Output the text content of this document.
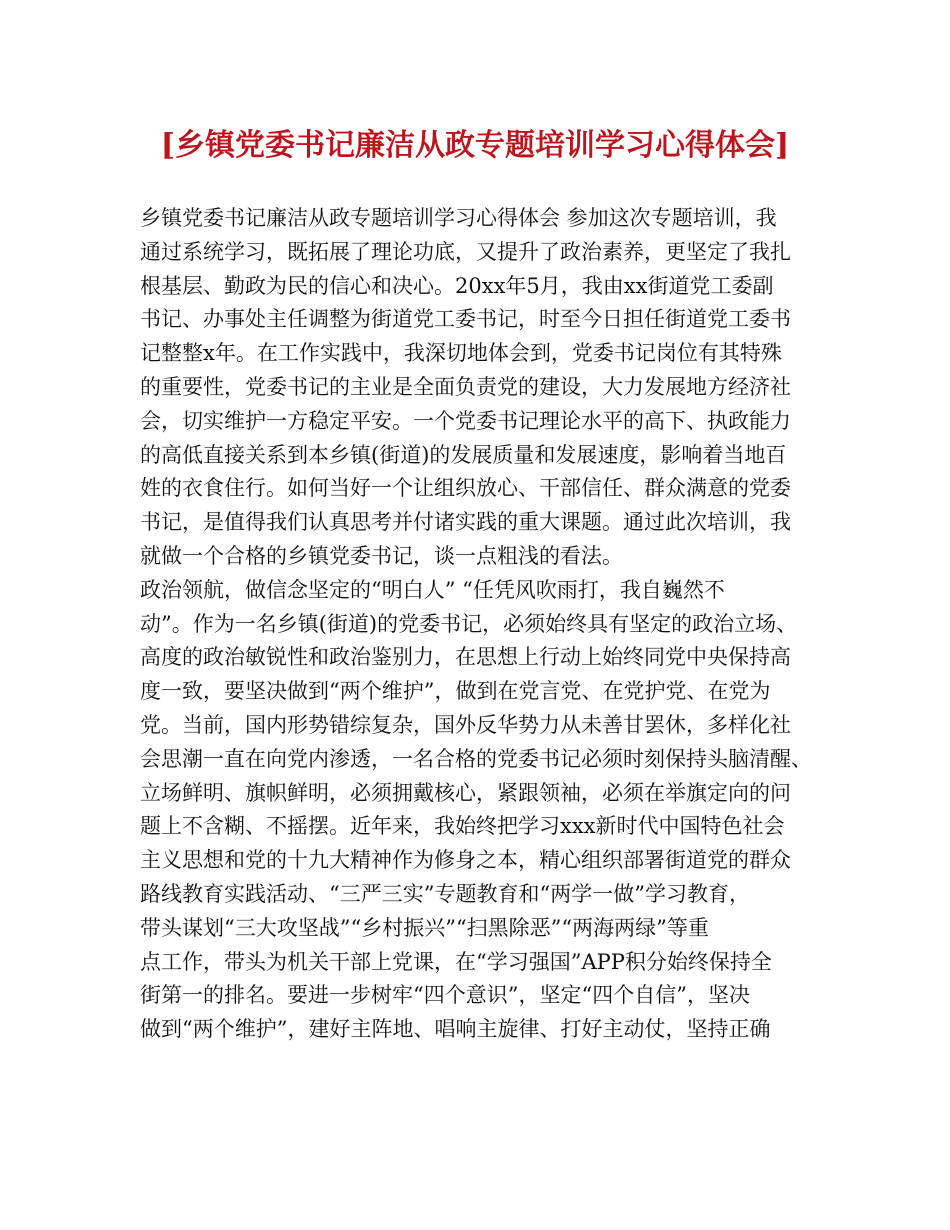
[乡镇党委书记廉洁从政专题培训学习心得体会]
乡镇党委书记廉洁从政专题培训学习心得体会 参加这次专题培训，我
通过系统学习，既拓展了理论功底，又提升了政治素养，更坚定了我扎
根基层、勤政为民的信心和决心。20xx年5月，我由xx街道党工委副
书记、办事处主任调整为街道党工委书记，时至今日担任街道党工委书
记整整x年。在工作实践中，我深切地体会到，党委书记岗位有其特殊
的重要性，党委书记的主业是全面负责党的建设，大力发展地方经济社
会，切实维护一方稳定平安。一个党委书记理论水平的高下、执政能力
的高低直接关系到本乡镇(街道)的发展质量和发展速度，影响着当地百
姓的衣食住行。如何当好一个让组织放心、干部信任、群众满意的党委
书记，是值得我们认真思考并付诸实践的重大课题。通过此次培训，我
就做一个合格的乡镇党委书记，谈一点粗浅的看法。
政治领航，做信念坚定的“明白人” “任凭风吹雨打，我自巍然不
动”。作为一名乡镇(街道)的党委书记，必须始终具有坚定的政治立场、
高度的政治敏锐性和政治鉴别力，在思想上行动上始终同党中央保持高
度一致，要坚决做到“两个维护”，做到在党言党、在党护党、在党为
党。当前，国内形势错综复杂，国外反华势力从未善甘罢休，多样化社
会思潮一直在向党内渗透，一名合格的党委书记必须时刻保持头脑清醒、
立场鲜明、旗帜鲜明，必须拥戴核心，紧跟领袖，必须在举旗定向的问
题上不含糊、不摇摆。近年来，我始终把学习xxx新时代中国特色社会
主义思想和党的十九大精神作为修身之本，精心组织部署街道党的群众
路线教育实践活动、“三严三实”专题教育和“两学一做”学习教育，
带头谋划“三大攻坚战”“乡村振兴”“扫黑除恶”“两海两绿”等重
点工作，带头为机关干部上党课，在“学习强国”APP积分始终保持全
街第一的排名。要进一步树牢“四个意识”，坚定“四个自信”，坚决
做到“两个维护”，建好主阵地、唱响主旋律、打好主动仗，坚持正确
